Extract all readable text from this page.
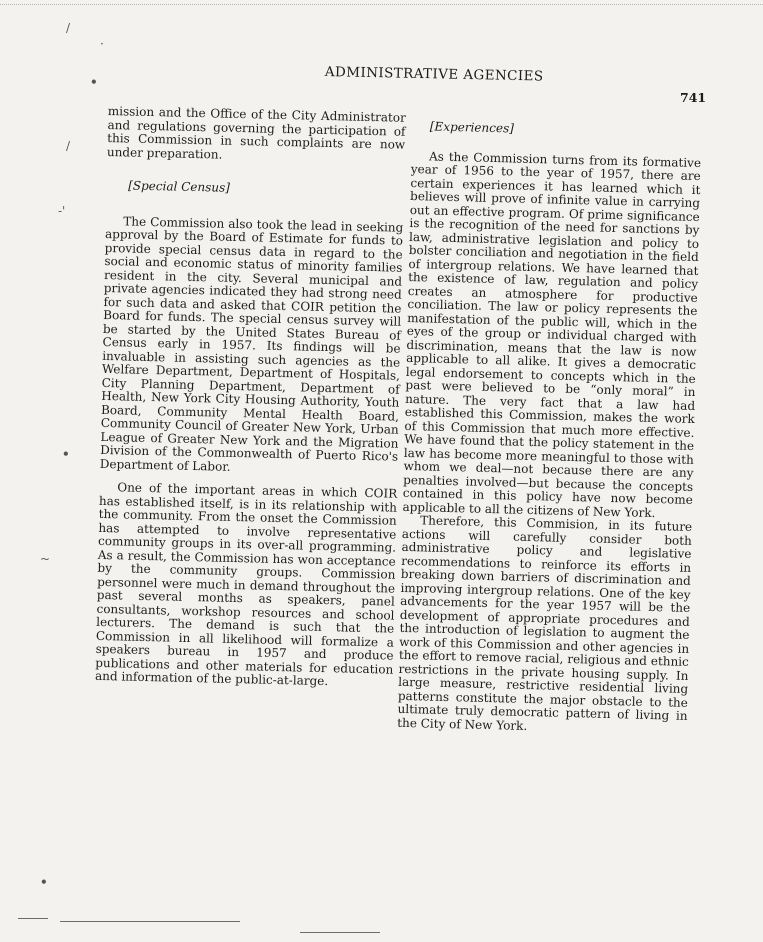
/
·
•
/
-'
•
~
•
ADMINISTRATIVE AGENCIES
741

mission and the Office of the City Administrator and regulations governing the participation of this Commission in such complaints are now under preparation.

[Special Census]

The Commission also took the lead in seeking approval by the Board of Estimate for funds to provide special census data in regard to the social and economic status of minority families resident in the city. Several municipal and private agencies indicated they had strong need for such data and asked that COIR petition the Board for funds. The special census survey will be started by the United States Bureau of Census early in 1957. Its findings will be invaluable in assisting such agencies as the Welfare Department, Department of Hospitals, City Planning Department, Department of Health, New York City Housing Authority, Youth Board, Community Mental Health Board, Community Council of Greater New York, Urban League of Greater New York and the Migration Division of the Commonwealth of Puerto Rico's Department of Labor.

One of the important areas in which COIR has established itself, is in its relationship with the community. From the onset the Commission has attempted to involve representative community groups in its over-all programming. As a result, the Commission has won acceptance by the community groups. Commission personnel were much in demand throughout the past several months as speakers, panel consultants, workshop resources and school lecturers. The demand is such that the Commission in all likelihood will formalize a speakers bureau in 1957 and produce publications and other materials for education and information of the public-at-large.

[Experiences]

As the Commission turns from its formative year of 1956 to the year of 1957, there are certain experiences it has learned which it believes will prove of infinite value in carrying out an effective program. Of prime significance is the recognition of the need for sanctions by law, administrative legislation and policy to bolster conciliation and negotiation in the field of intergroup relations. We have learned that the existence of law, regulation and policy creates an atmosphere for productive conciliation. The law or policy represents the manifestation of the public will, which in the eyes of the group or individual charged with discrimination, means that the law is now applicable to all alike. It gives a democratic legal endorsement to concepts which in the past were believed to be “only moral” in nature. The very fact that a law had established this Commission, makes the work of this Commission that much more effective. We have found that the policy statement in the law has become more meaningful to those with whom we deal—not because there are any penalties involved—but because the concepts contained in this policy have now become applicable to all the citizens of New York.

Therefore, this Commision, in its future actions will carefully consider both administrative policy and legislative recommendations to reinforce its efforts in breaking down barriers of discrimination and improving intergroup relations. One of the key advancements for the year 1957 will be the development of appropriate procedures and the introduction of legislation to augment the work of this Commission and other agencies in the effort to remove racial, religious and ethnic restrictions in the private housing supply. In large measure, restrictive residential living patterns constitute the major obstacle to the ultimate truly democratic pattern of living in the City of New York.
